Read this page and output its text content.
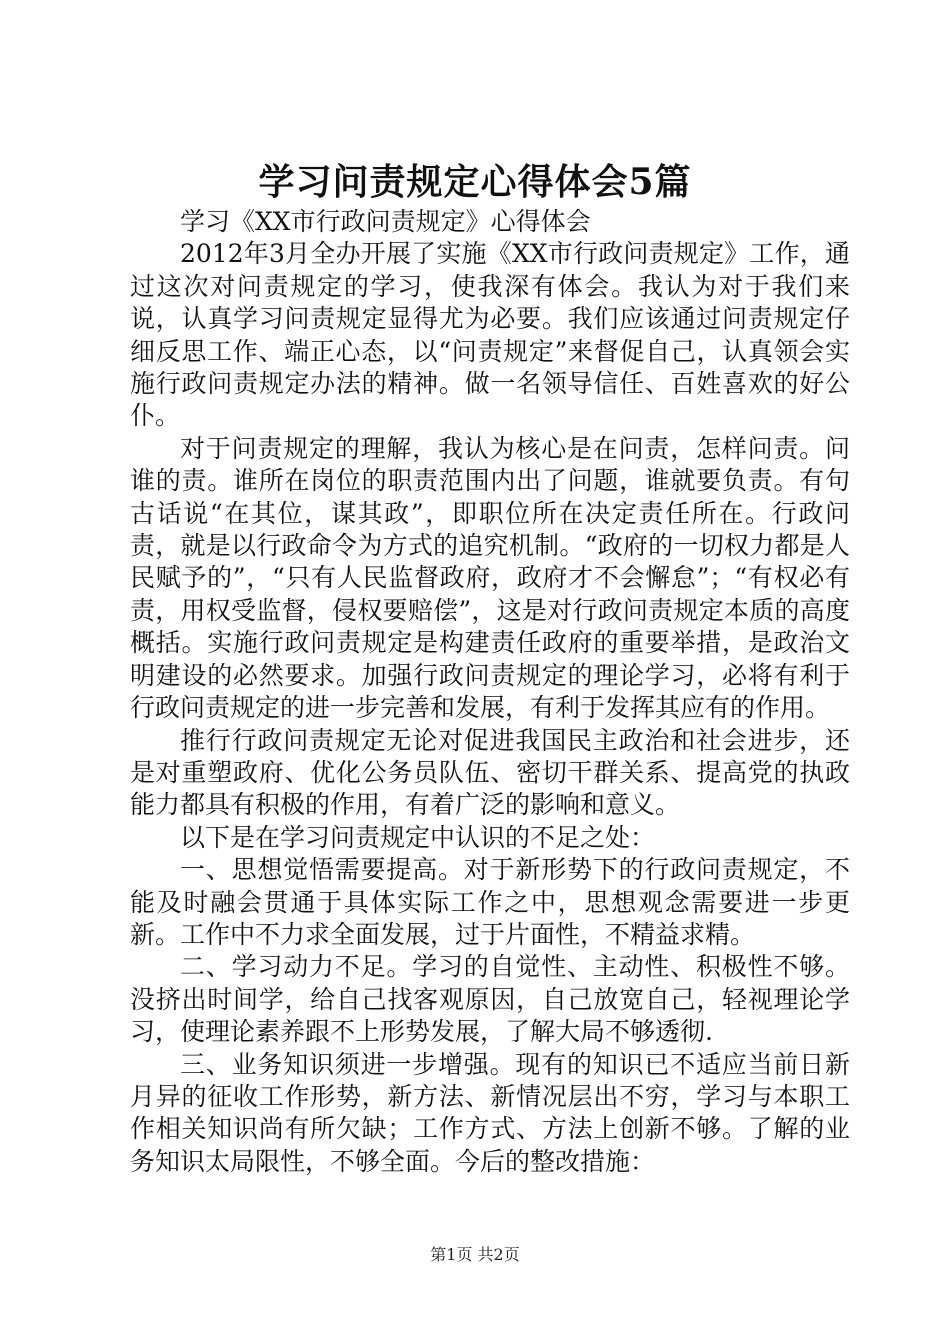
学习问责规定心得体会5篇

学习《XX市行政问责规定》心得体会

2012年3月全办开展了实施《XX市行政问责规定》工作，通过这次对问责规定的学习，使我深有体会。我认为对于我们来说，认真学习问责规定显得尤为必要。我们应该通过问责规定仔细反思工作、端正心态，以“问责规定”来督促自己，认真领会实施行政问责规定办法的精神。做一名领导信任、百姓喜欢的好公仆。

对于问责规定的理解，我认为核心是在问责，怎样问责。问谁的责。谁所在岗位的职责范围内出了问题，谁就要负责。有句古话说“在其位，谋其政”，即职位所在决定责任所在。行政问责，就是以行政命令为方式的追究机制。“政府的一切权力都是人民赋予的”，“只有人民监督政府，政府才不会懈怠”；“有权必有责，用权受监督，侵权要赔偿”，这是对行政问责规定本质的高度概括。实施行政问责规定是构建责任政府的重要举措，是政治文明建设的必然要求。加强行政问责规定的理论学习，必将有利于行政问责规定的进一步完善和发展，有利于发挥其应有的作用。

推行行政问责规定无论对促进我国民主政治和社会进步，还是对重塑政府、优化公务员队伍、密切干群关系、提高党的执政能力都具有积极的作用，有着广泛的影响和意义。

以下是在学习问责规定中认识的不足之处：

一、思想觉悟需要提高。对于新形势下的行政问责规定，不能及时融会贯通于具体实际工作之中，思想观念需要进一步更新。工作中不力求全面发展，过于片面性，不精益求精。

二、学习动力不足。学习的自觉性、主动性、积极性不够。没挤出时间学，给自己找客观原因，自己放宽自己，轻视理论学习，使理论素养跟不上形势发展，了解大局不够透彻.

三、业务知识须进一步增强。现有的知识已不适应当前日新月异的征收工作形势，新方法、新情况层出不穷，学习与本职工作相关知识尚有所欠缺；工作方式、方法上创新不够。了解的业务知识太局限性，不够全面。今后的整改措施：

第1页 共2页
